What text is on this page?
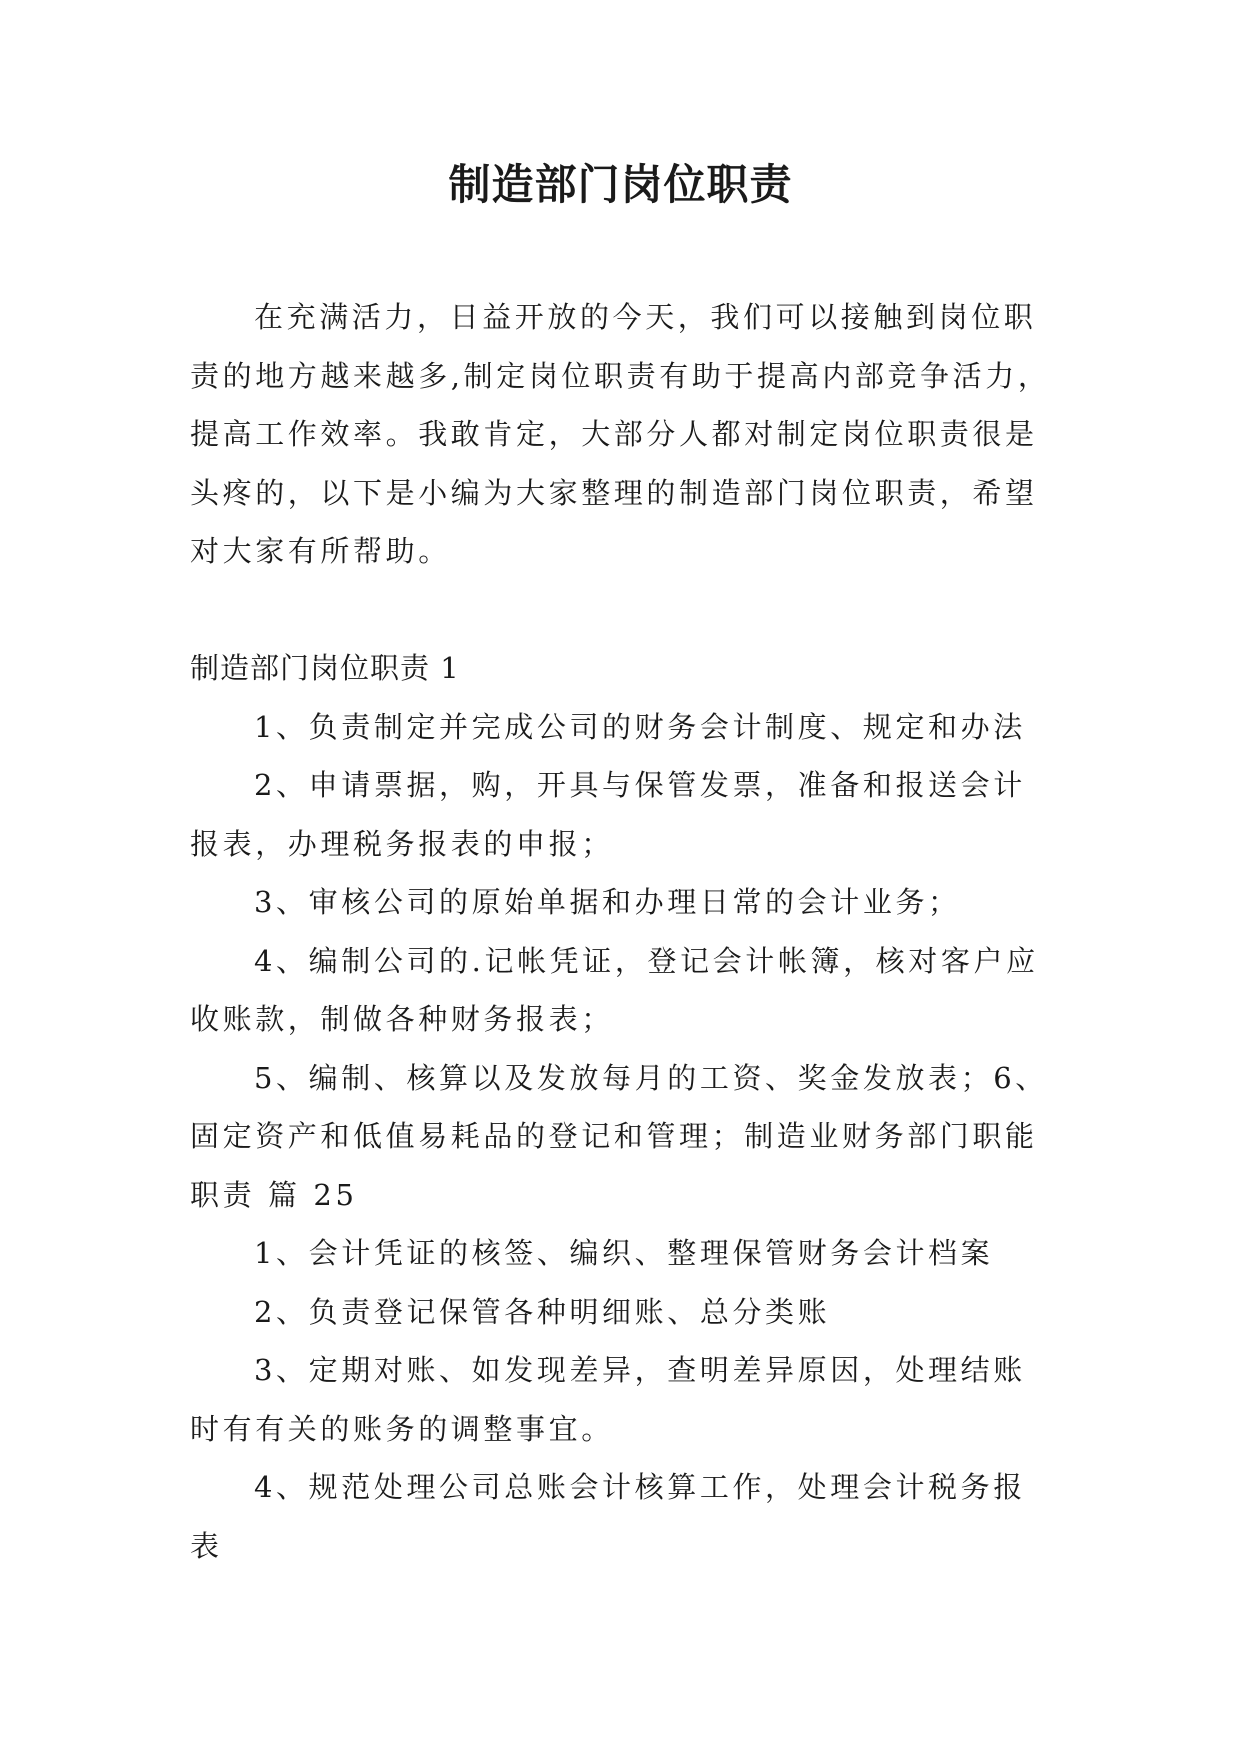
制造部门岗位职责

在充满活力，日益开放的今天，我们可以接触到岗位职责的地方越来越多,制定岗位职责有助于提高内部竞争活力，提高工作效率。我敢肯定，大部分人都对制定岗位职责很是头疼的，以下是小编为大家整理的制造部门岗位职责，希望对大家有所帮助。

制造部门岗位职责 1

1、负责制定并完成公司的财务会计制度、规定和办法

2、申请票据，购，开具与保管发票，准备和报送会计报表，办理税务报表的申报；

3、审核公司的原始单据和办理日常的会计业务；

4、编制公司的.记帐凭证，登记会计帐簿，核对客户应收账款，制做各种财务报表；

5、编制、核算以及发放每月的工资、奖金发放表；6、固定资产和低值易耗品的登记和管理；制造业财务部门职能职责 篇 25

1、会计凭证的核签、编织、整理保管财务会计档案

2、负责登记保管各种明细账、总分类账

3、定期对账、如发现差异，查明差异原因，处理结账时有有关的账务的调整事宜。

4、规范处理公司总账会计核算工作，处理会计税务报表
